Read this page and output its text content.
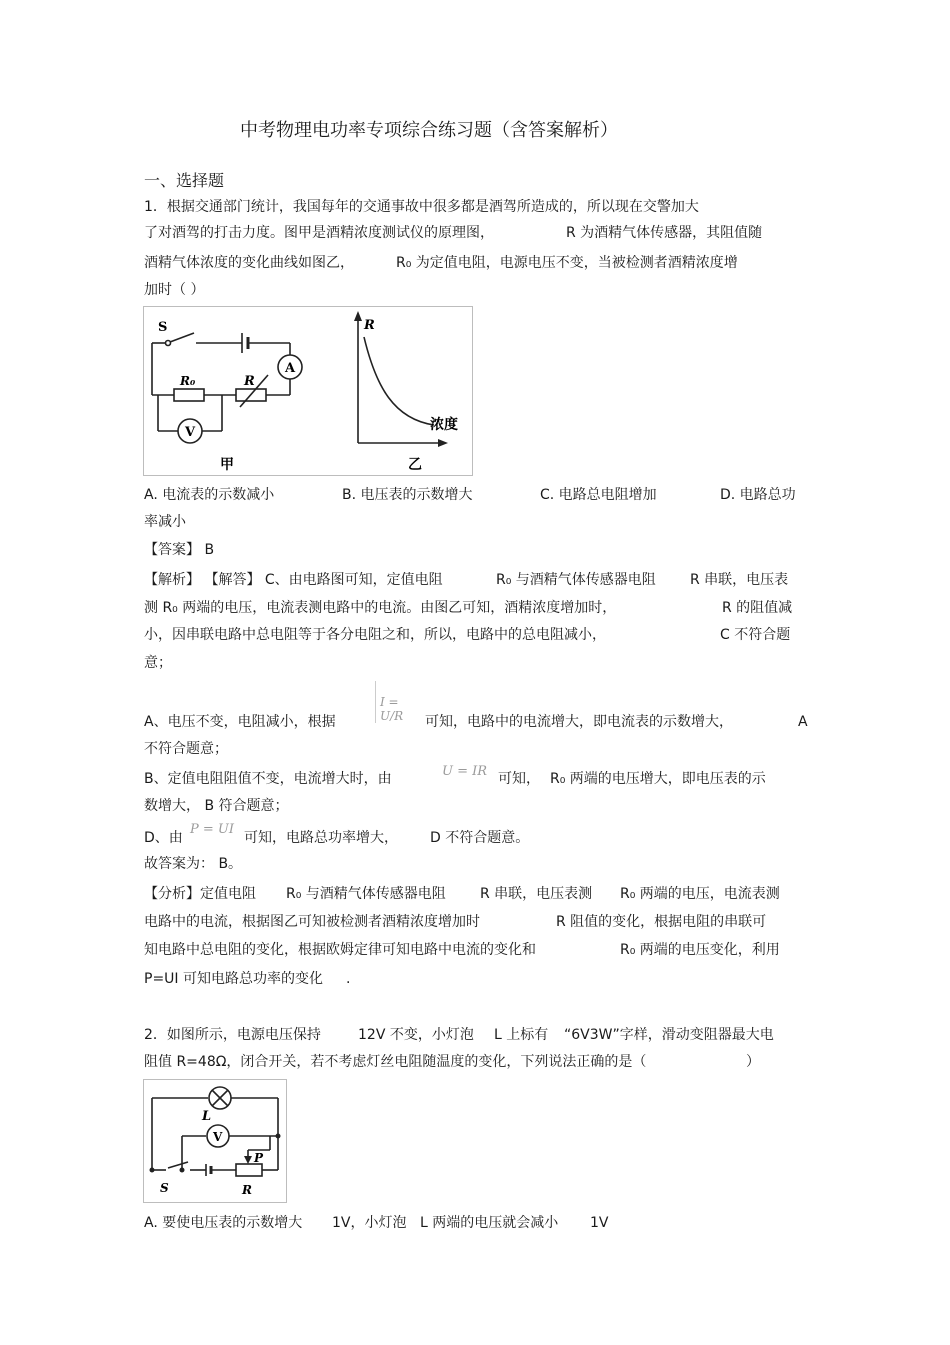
中考物理电功率专项综合练习题（含答案解析）
一、选择题
1．根据交通部门统计，我国每年的交通事故中很多都是酒驾所造成的，所以现在交警加大
了对酒驾的打击力度。图甲是酒精浓度测试仪的原理图，	R 为酒精气体传感器，其阻值随
酒精气体浓度的变化曲线如图乙，	R₀ 为定值电阻，电源电压不变，当被检测者酒精浓度增
加时（ ）
S
R₀	R
A
V
甲	乙
R
浓度
A. 电流表的示数减小	B. 电压表的示数增大	C. 电路总电阻增加	D. 电路总功
率减小
【答案】 B
【解析】 【解答】 C、由电路图可知，定值电阻	R₀ 与酒精气体传感器电阻 R 串联，电压表
测 R₀ 两端的电压，电流表测电路中的电流。由图乙可知，酒精浓度增加时，	R 的阻值减
小，因串联电路中总电阻等于各分电阻之和，所以，电路中的总电阻减小，	C 不符合题
意；
I = U/R
A、电压不变，电阻减小，根据	可知，电路中的电流增大，即电流表的示数增大，	A
不符合题意；
U = IR
B、定值电阻阻值不变，电流增大时，由	可知， R₀ 两端的电压增大，即电压表的示
数增大， B 符合题意；
P = UI
D、由	可知，电路总功率增大， D 不符合题意。
故答案为： B。
【分析】定值电阻 R₀ 与酒精气体传感器电阻 R 串联，电压表测 R₀ 两端的电压，电流表测
电路中的电流，根据图乙可知被检测者酒精浓度增加时	R 阻值的变化，根据电阻的串联可
知电路中总电阻的变化，根据欧姆定律可知电路中电流的变化和	R₀ 两端的电压变化，利用
P=UI 可知电路总功率的变化 .
2．如图所示，电源电压保持	12V 不变，小灯泡 L 上标有 “6V3W”字样，滑动变阻器最大电
阻值 R=48Ω，闭合开关，若不考虑灯丝电阻随温度的变化，下列说法正确的是（	）
L
V
P
S	R
A. 要使电压表的示数增大 1V，小灯泡 L 两端的电压就会减小 1V
